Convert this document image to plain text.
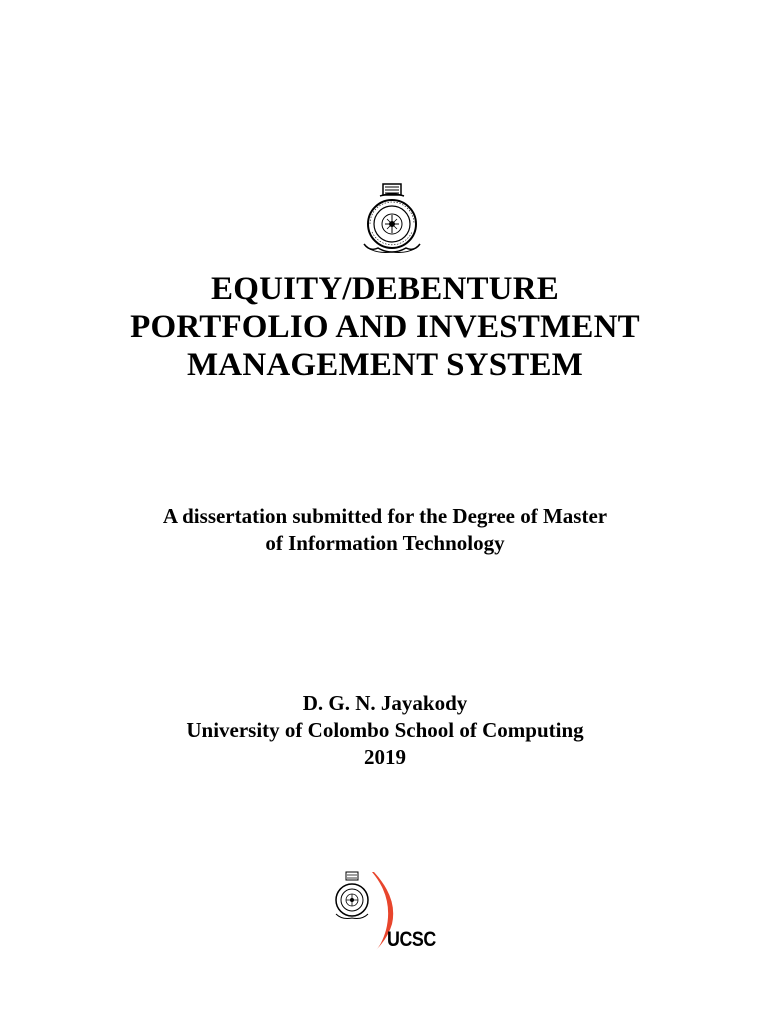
EQUITY/DEBENTURE
PORTFOLIO AND INVESTMENT
MANAGEMENT SYSTEM
A dissertation submitted for the Degree of Master
of Information Technology
D. G. N. Jayakody
University of Colombo School of Computing
2019
UCSC
